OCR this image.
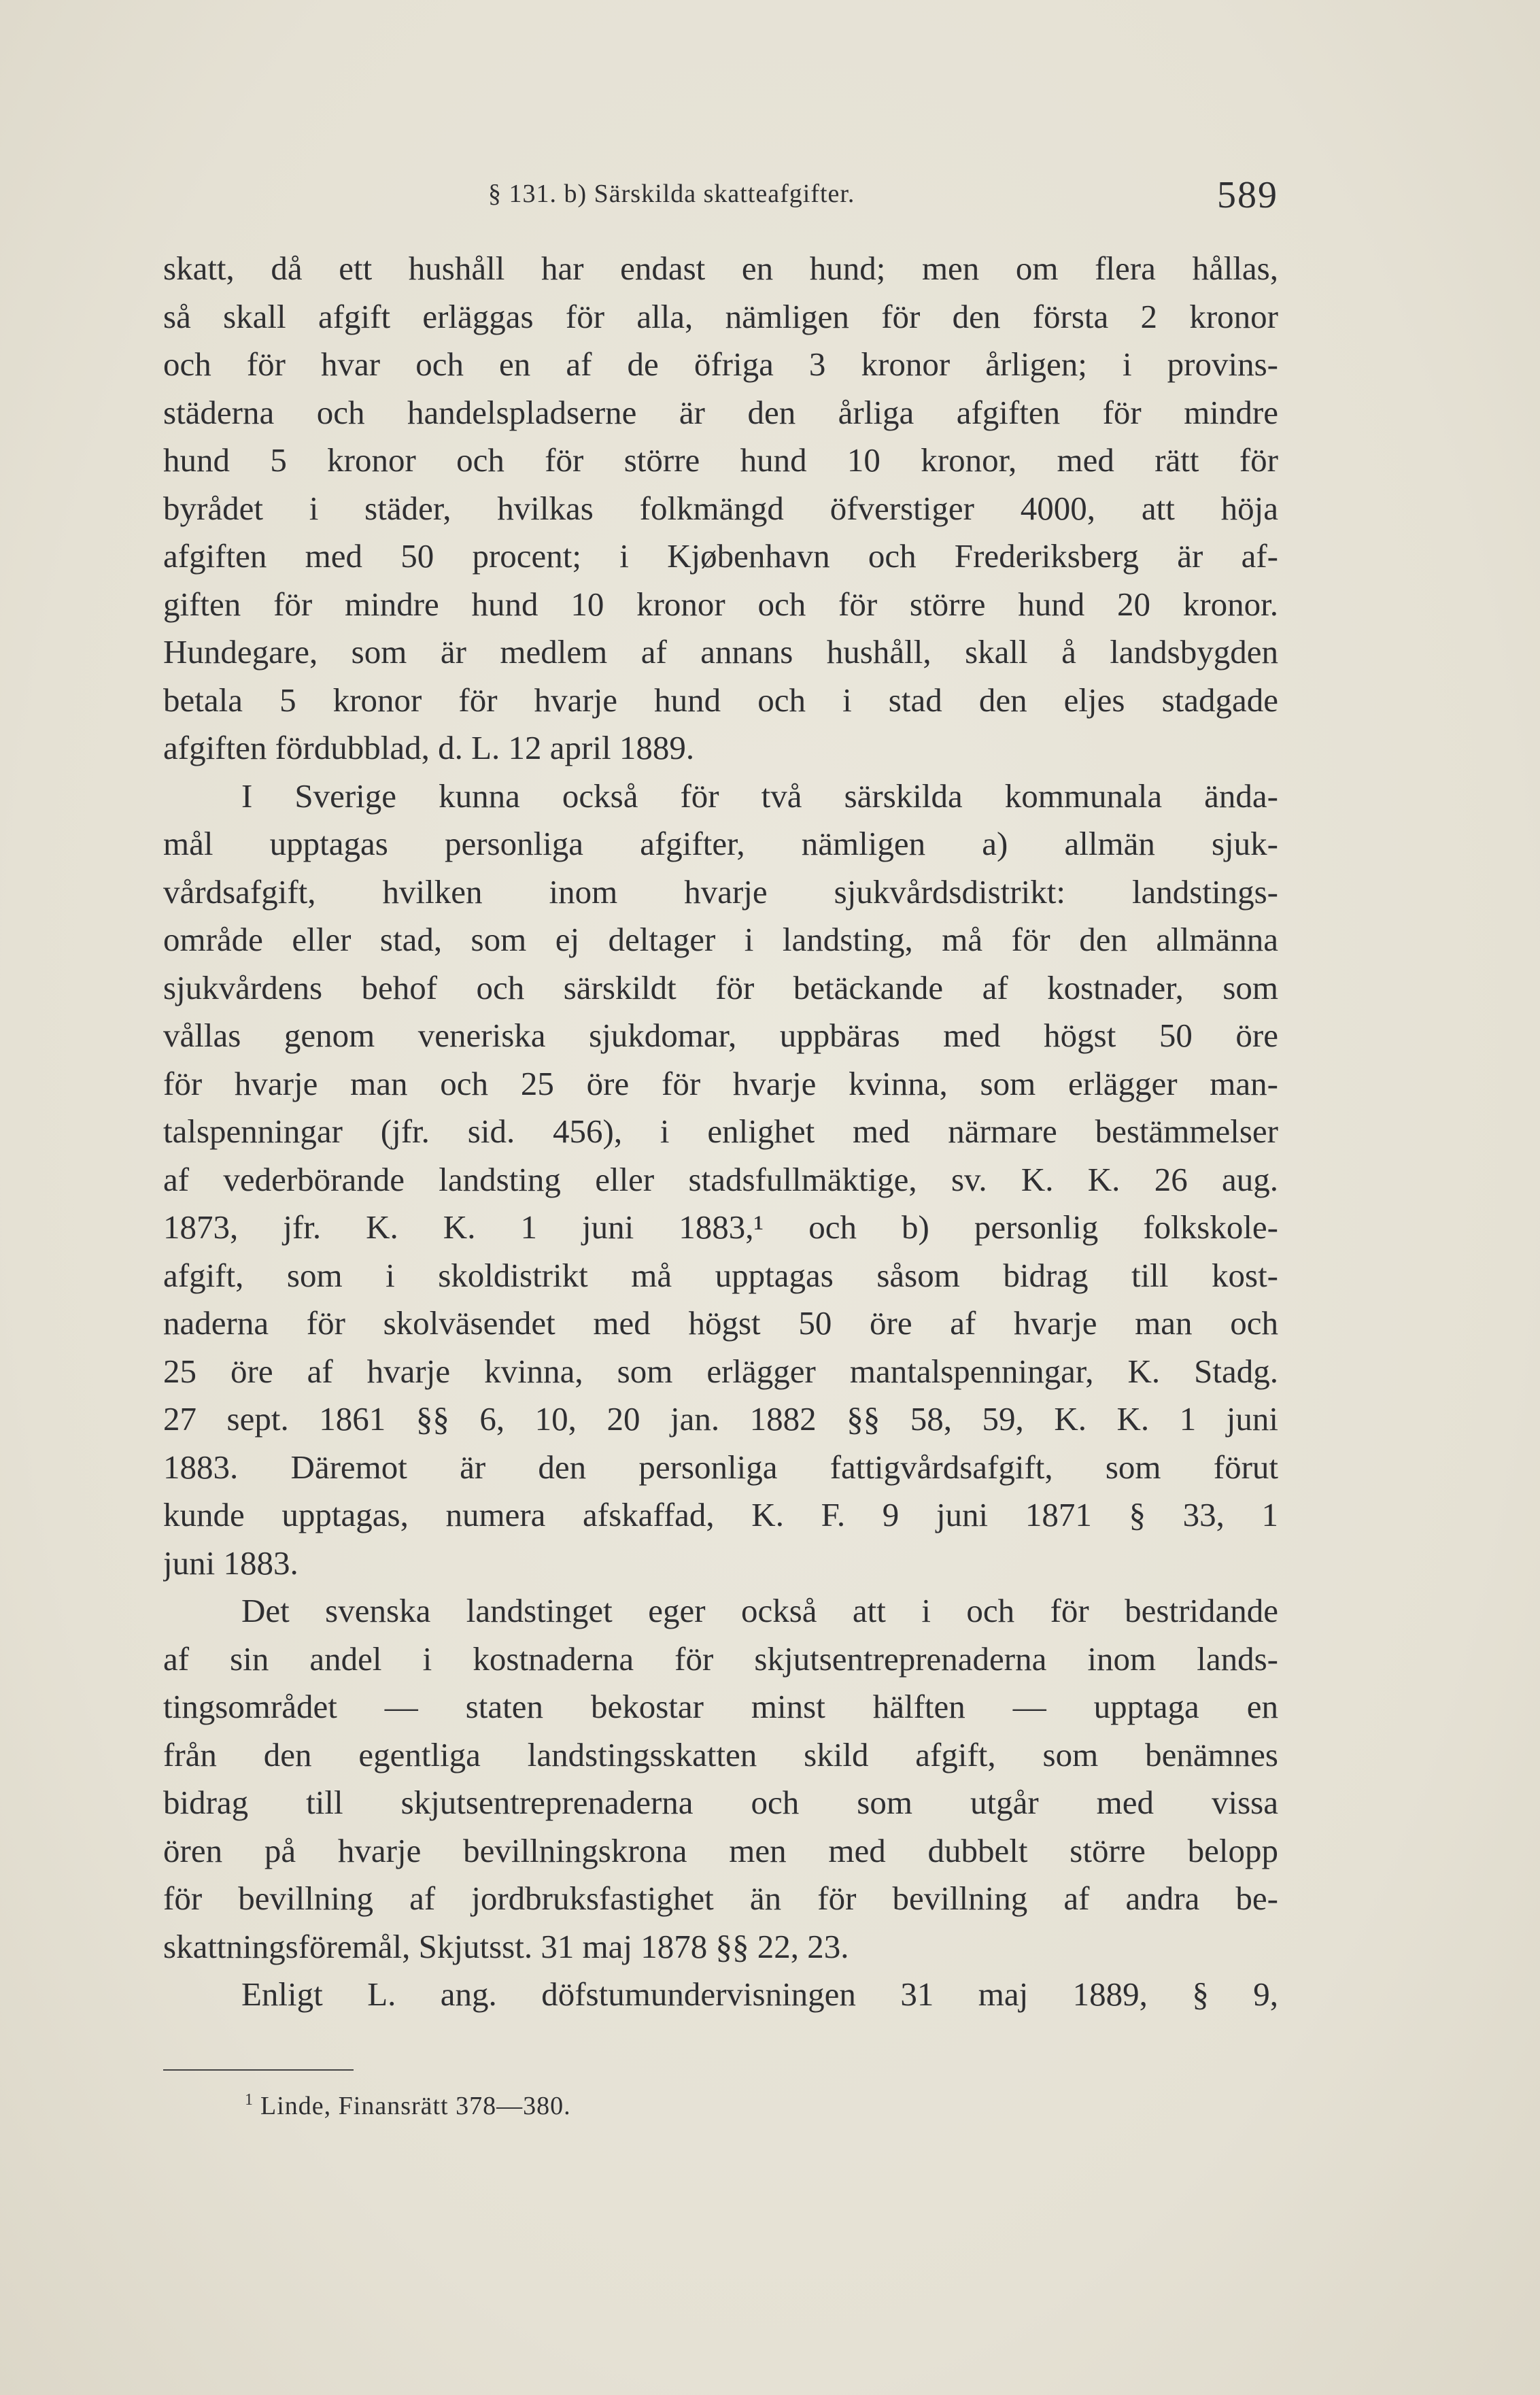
§ 131. b) Särskilda skatteafgifter.	589
skatt, då ett hushåll har endast en hund; men om flera hållas,
så skall afgift erläggas för alla, nämligen för den första 2 kronor
och för hvar och en af de öfriga 3 kronor årligen; i provins-
städerna och handelspladserne är den årliga afgiften för mindre
hund 5 kronor och för större hund 10 kronor, med rätt för
byrådet i städer, hvilkas folkmängd öfverstiger 4000, att höja
afgiften med 50 procent; i Kjøbenhavn och Frederiksberg är af-
giften för mindre hund 10 kronor och för större hund 20 kronor.
Hundegare, som är medlem af annans hushåll, skall å landsbygden
betala 5 kronor för hvarje hund och i stad den eljes stadgade
afgiften fördubblad, d. L. 12 april 1889.
I Sverige kunna också för två särskilda kommunala ända-
mål upptagas personliga afgifter, nämligen a) allmän sjuk-
vårdsafgift, hvilken inom hvarje sjukvårdsdistrikt: landstings-
område eller stad, som ej deltager i landsting, må för den allmänna
sjukvårdens behof och särskildt för betäckande af kostnader, som
vållas genom veneriska sjukdomar, uppbäras med högst 50 öre
för hvarje man och 25 öre för hvarje kvinna, som erlägger man-
talspenningar (jfr. sid. 456), i enlighet med närmare bestämmelser
af vederbörande landsting eller stadsfullmäktige, sv. K. K. 26 aug.
1873, jfr. K. K. 1 juni 1883,¹ och b) personlig folkskole-
afgift, som i skoldistrikt må upptagas såsom bidrag till kost-
naderna för skolväsendet med högst 50 öre af hvarje man och
25 öre af hvarje kvinna, som erlägger mantalspenningar, K. Stadg.
27 sept. 1861 §§ 6, 10, 20 jan. 1882 §§ 58, 59, K. K. 1 juni
1883. Däremot är den personliga fattigvårdsafgift, som förut
kunde upptagas, numera afskaffad, K. F. 9 juni 1871 § 33, 1
juni 1883.
Det svenska landstinget eger också att i och för bestridande
af sin andel i kostnaderna för skjutsentreprenaderna inom lands-
tingsområdet — staten bekostar minst hälften — upptaga en
från den egentliga landstingsskatten skild afgift, som benämnes
bidrag till skjutsentreprenaderna och som utgår med vissa
ören på hvarje bevillningskrona men med dubbelt större belopp
för bevillning af jordbruksfastighet än för bevillning af andra be-
skattningsföremål, Skjutsst. 31 maj 1878 §§ 22, 23.
Enligt L. ang. döfstumundervisningen 31 maj 1889, § 9,
$^1$ Linde, Finansrätt 378—380.
